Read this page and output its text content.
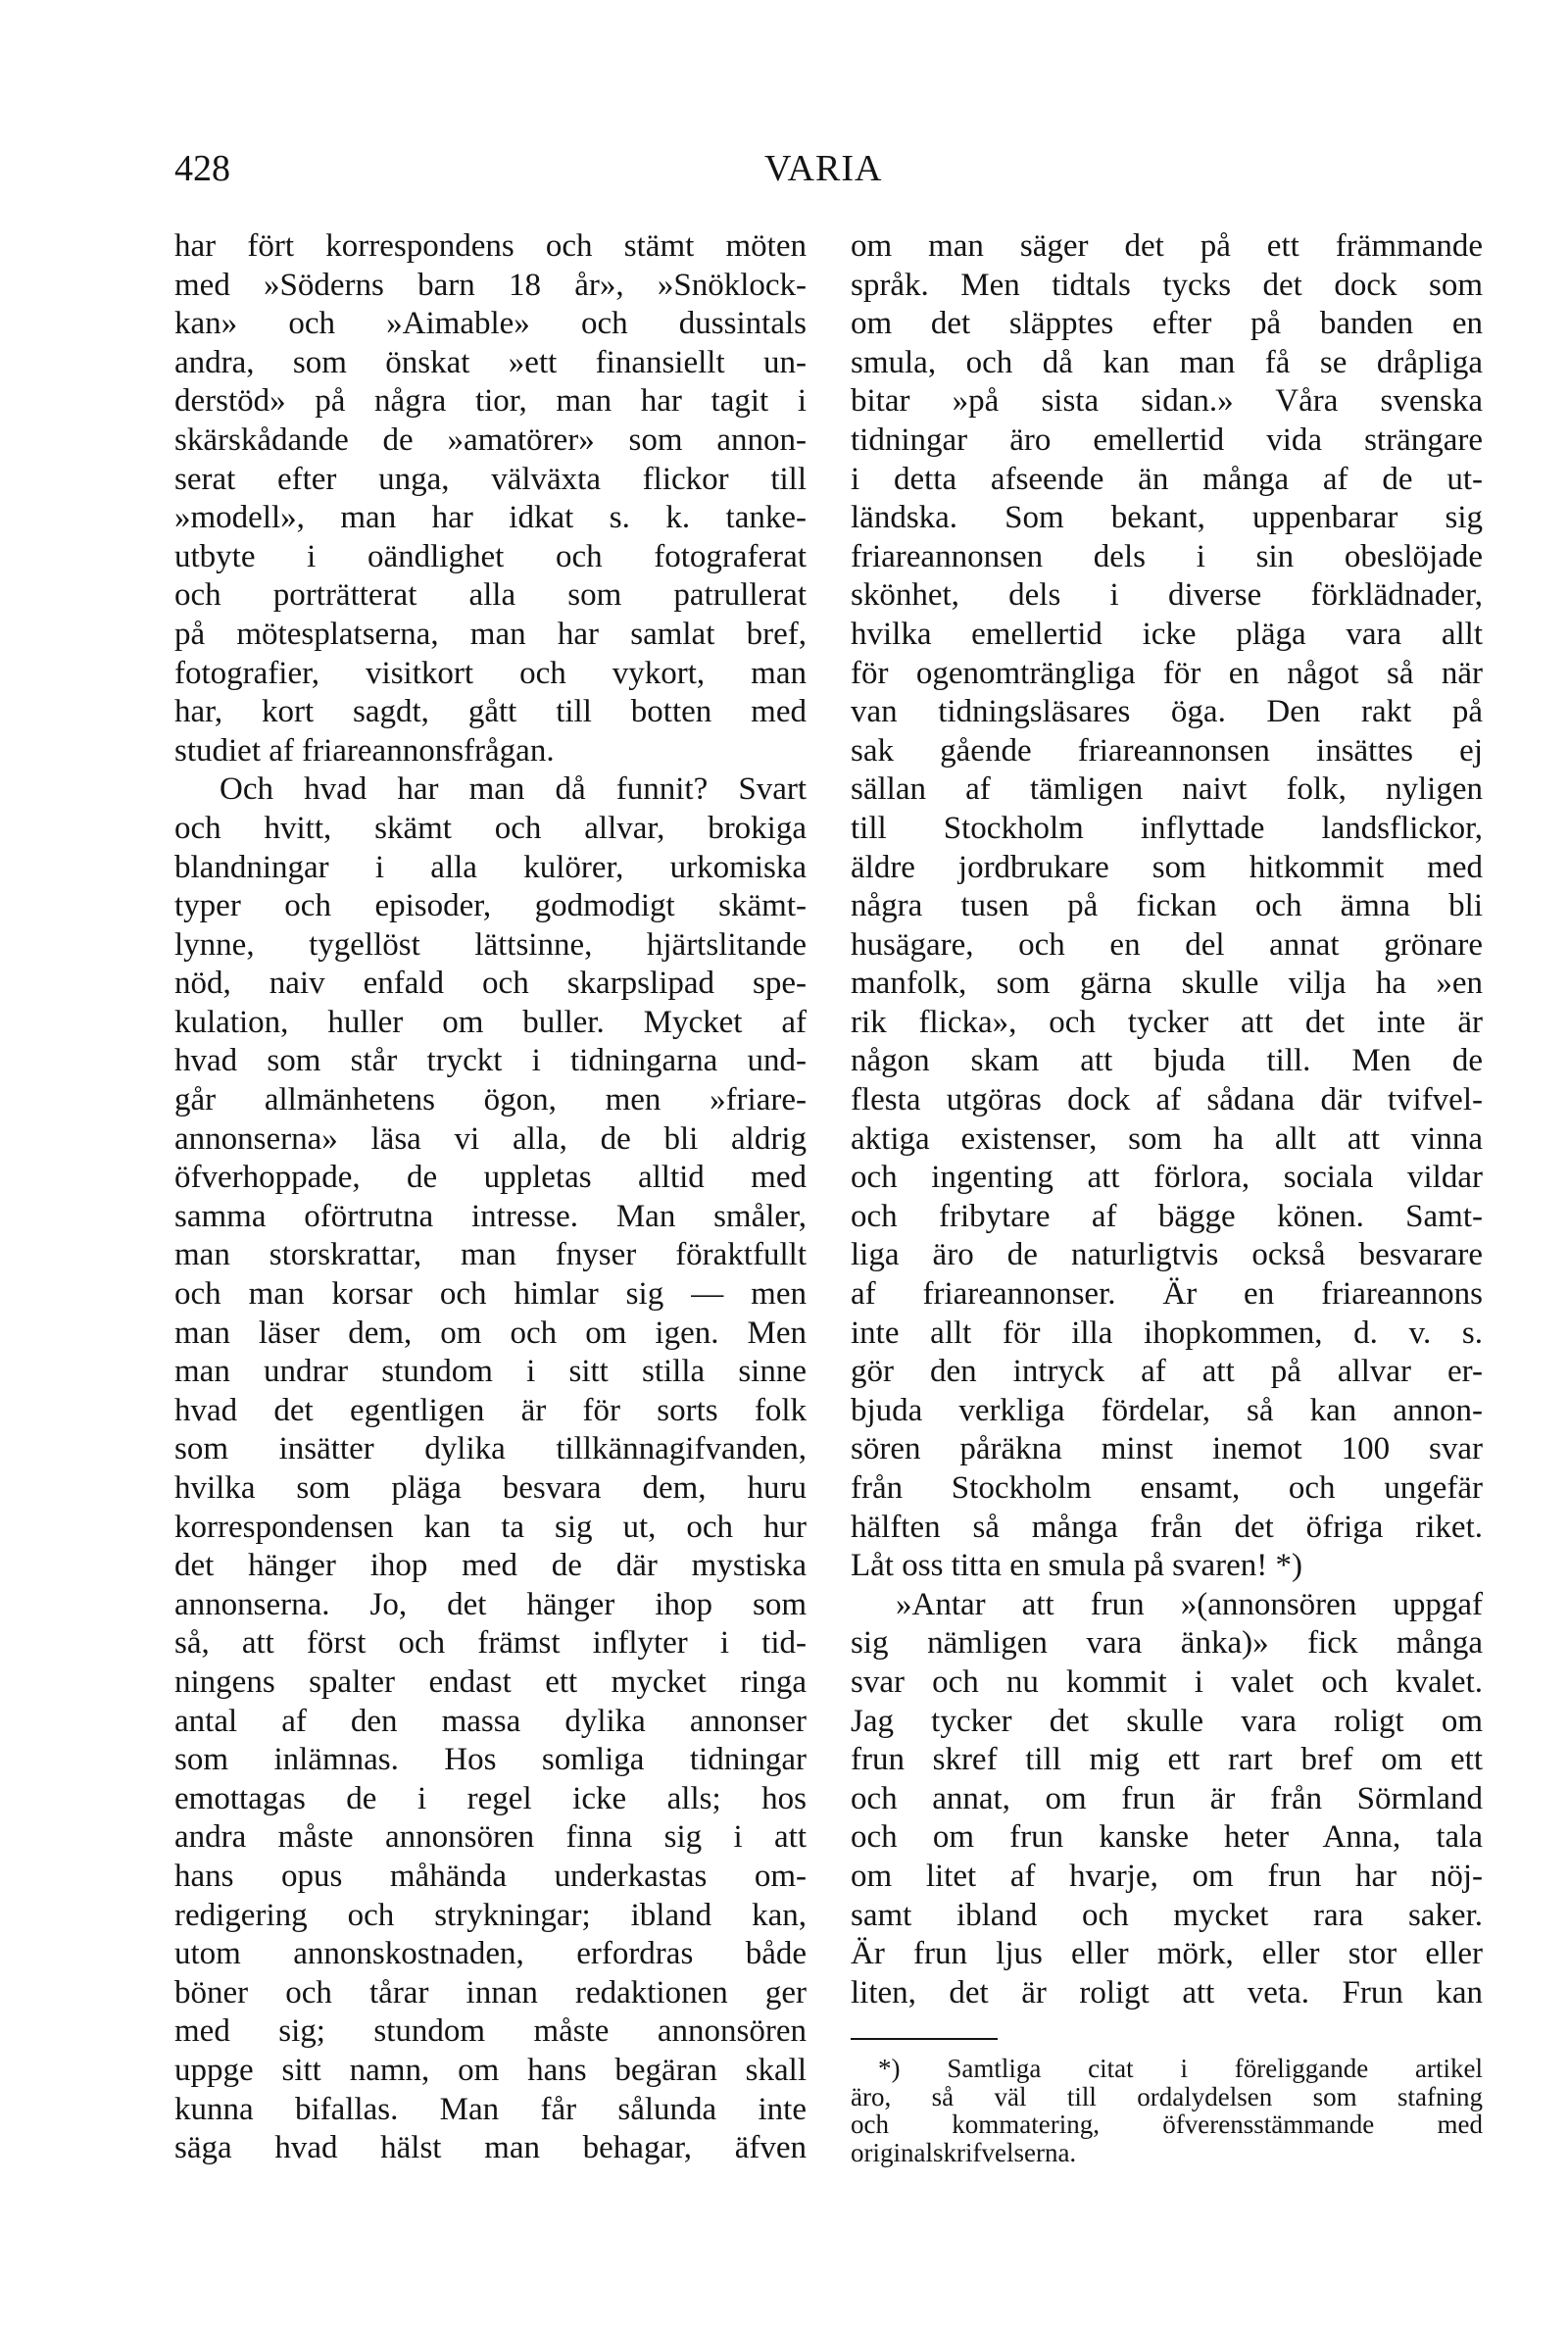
428	VARIA
har fört korrespondens och stämt möten
med »Söderns barn 18 år», »Snöklock-
kan» och »Aimable» och dussintals
andra, som önskat »ett finansiellt un-
derstöd» på några tior, man har tagit i
skärskådande de »amatörer» som annon-
serat efter unga, välväxta flickor till
»modell», man har idkat s. k. tanke-
utbyte i oändlighet och fotograferat
och porträtterat alla som patrullerat
på mötesplatserna, man har samlat bref,
fotografier, visitkort och vykort, man
har, kort sagdt, gått till botten med
studiet af friareannonsfrågan.
Och hvad har man då funnit? Svart
och hvitt, skämt och allvar, brokiga
blandningar i alla kulörer, urkomiska
typer och episoder, godmodigt skämt-
lynne, tygellöst lättsinne, hjärtslitande
nöd, naiv enfald och skarpslipad spe-
kulation, huller om buller. Mycket af
hvad som står tryckt i tidningarna und-
går allmänhetens ögon, men »friare-
annonserna» läsa vi alla, de bli aldrig
öfverhoppade, de uppletas alltid med
samma oförtrutna intresse. Man småler,
man storskrattar, man fnyser föraktfullt
och man korsar och himlar sig — men
man läser dem, om och om igen. Men
man undrar stundom i sitt stilla sinne
hvad det egentligen är för sorts folk
som insätter dylika tillkännagifvanden,
hvilka som pläga besvara dem, huru
korrespondensen kan ta sig ut, och hur
det hänger ihop med de där mystiska
annonserna. Jo, det hänger ihop som
så, att först och främst inflyter i tid-
ningens spalter endast ett mycket ringa
antal af den massa dylika annonser
som inlämnas. Hos somliga tidningar
emottagas de i regel icke alls; hos
andra måste annonsören finna sig i att
hans opus måhända underkastas om-
redigering och strykningar; ibland kan,
utom annonskostnaden, erfordras både
böner och tårar innan redaktionen ger
med sig; stundom måste annonsören
uppge sitt namn, om hans begäran skall
kunna bifallas. Man får sålunda inte
säga hvad hälst man behagar, äfven
om man säger det på ett främmande
språk. Men tidtals tycks det dock som
om det släpptes efter på banden en
smula, och då kan man få se dråpliga
bitar »på sista sidan.» Våra svenska
tidningar äro emellertid vida strängare
i detta afseende än många af de ut-
ländska. Som bekant, uppenbarar sig
friareannonsen dels i sin obeslöjade
skönhet, dels i diverse förklädnader,
hvilka emellertid icke pläga vara allt
för ogenomträngliga för en något så när
van tidningsläsares öga. Den rakt på
sak gående friareannonsen insättes ej
sällan af tämligen naivt folk, nyligen
till Stockholm inflyttade landsflickor,
äldre jordbrukare som hitkommit med
några tusen på fickan och ämna bli
husägare, och en del annat grönare
manfolk, som gärna skulle vilja ha »en
rik flicka», och tycker att det inte är
någon skam att bjuda till. Men de
flesta utgöras dock af sådana där tvifvel-
aktiga existenser, som ha allt att vinna
och ingenting att förlora, sociala vildar
och fribytare af bägge könen. Samt-
liga äro de naturligtvis också besvarare
af friareannonser. Är en friareannons
inte allt för illa ihopkommen, d. v. s.
gör den intryck af att på allvar er-
bjuda verkliga fördelar, så kan annon-
sören påräkna minst inemot 100 svar
från Stockholm ensamt, och ungefär
hälften så många från det öfriga riket.
Låt oss titta en smula på svaren! *)
»Antar att frun »(annonsören uppgaf
sig nämligen vara änka)» fick många
svar och nu kommit i valet och kvalet.
Jag tycker det skulle vara roligt om
frun skref till mig ett rart bref om ett
och annat, om frun är från Sörmland
och om frun kanske heter Anna, tala
om litet af hvarje, om frun har nöj-
samt ibland och mycket rara saker.
Är frun ljus eller mörk, eller stor eller
liten, det är roligt att veta. Frun kan
*) Samtliga citat i föreliggande artikel
äro, så väl till ordalydelsen som stafning
och kommatering, öfverensstämmande med
originalskrifvelserna.
